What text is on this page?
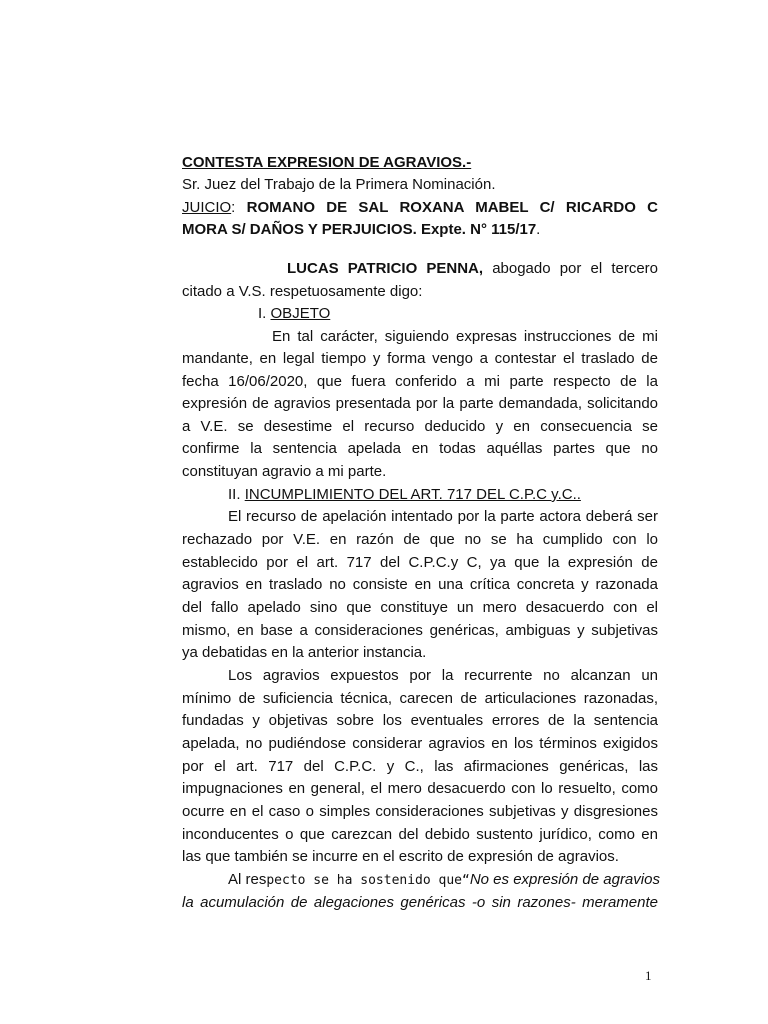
CONTESTA EXPRESION DE AGRAVIOS.-
Sr. Juez del Trabajo de la Primera Nominación.
JUICIO: ROMANO DE SAL ROXANA MABEL C/ RICARDO C
MORA S/ DAÑOS Y PERJUICIOS. Expte. N° 115/17.
LUCAS PATRICIO PENNA, abogado por el tercero
citado a V.S. respetuosamente digo:
I. OBJETO
En tal carácter, siguiendo expresas instrucciones de mi
mandante, en legal tiempo y forma vengo a contestar el traslado de
fecha 16/06/2020, que fuera conferido a mi parte respecto de la
expresión de agravios presentada por la parte demandada, solicitando
a V.E. se desestime el recurso deducido y en consecuencia se
confirme la sentencia apelada en todas aquéllas partes que no
constituyan agravio a mi parte.
II. INCUMPLIMIENTO DEL ART. 717 DEL C.P.C y.C..
El recurso de apelación intentado por la parte actora deberá ser
rechazado por V.E. en razón de que no se ha cumplido con lo
establecido por el art. 717 del C.P.C.y C, ya que la expresión de
agravios en traslado no consiste en una crítica concreta y razonada
del fallo apelado sino que constituye un mero desacuerdo con el
mismo, en base a consideraciones genéricas, ambiguas y subjetivas
ya debatidas en la anterior instancia.
Los agravios expuestos por la recurrente no alcanzan un
mínimo de suficiencia técnica, carecen de articulaciones razonadas,
fundadas y objetivas sobre los eventuales errores de la sentencia
apelada, no pudiéndose considerar agravios en los términos exigidos
por el art. 717 del C.P.C. y C., las afirmaciones genéricas, las
impugnaciones en general, el mero desacuerdo con lo resuelto, como
ocurre en el caso o simples consideraciones subjetivas y disgresiones
inconducentes o que carezcan del debido sustento jurídico, como en
las que también se incurre en el escrito de expresión de agravios.
Al respecto se ha sostenido que“No es expresión de agravios
la acumulación de alegaciones genéricas -o sin razones- meramente
1
